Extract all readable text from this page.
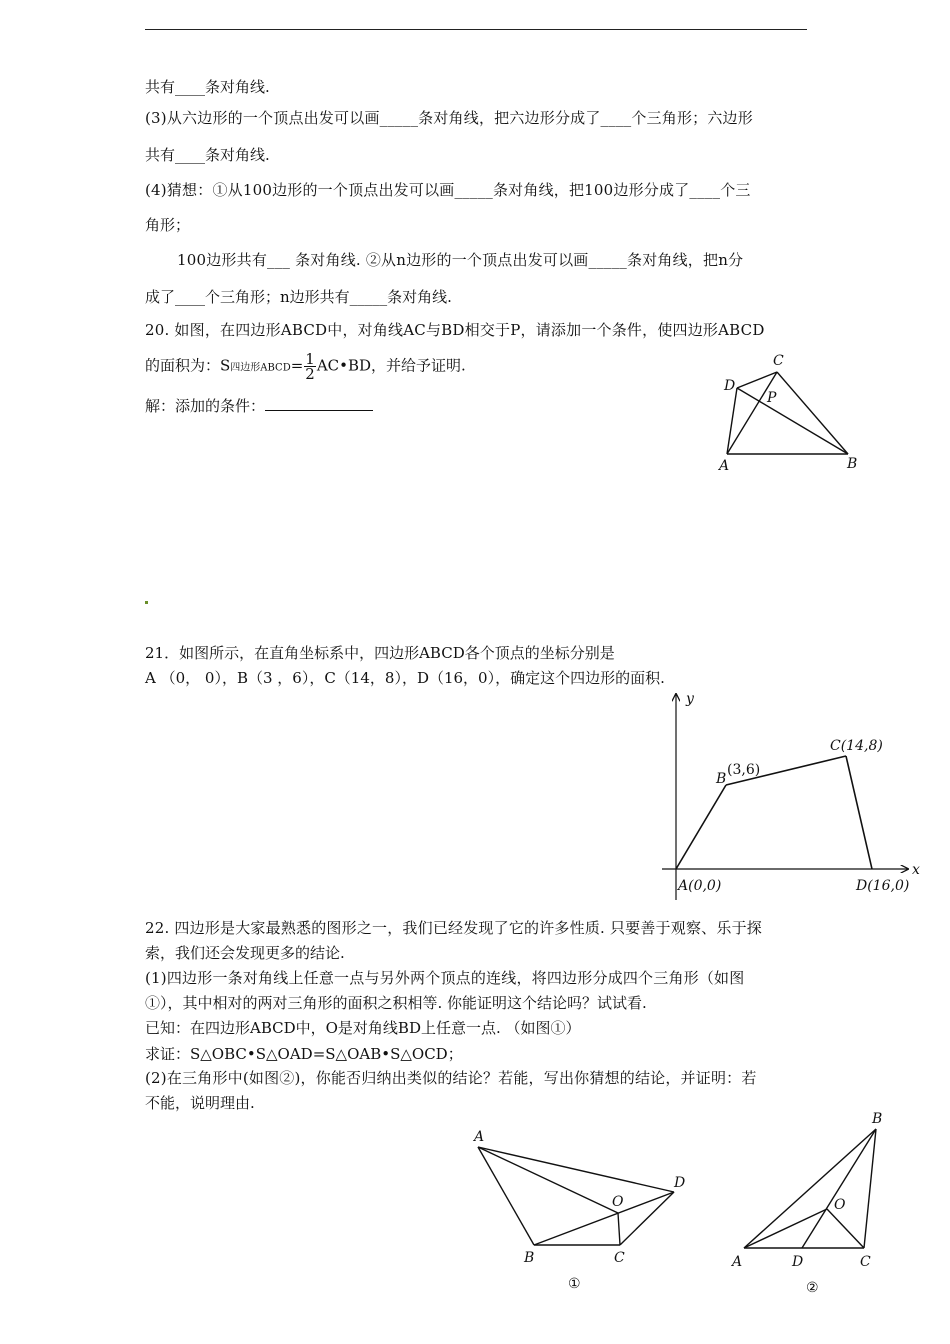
共有____条对角线.
(3)从六边形的一个顶点出发可以画_____条对角线，把六边形分成了____个三角形；六边形
共有____条对角线.
(4)猜想：①从100边形的一个顶点出发可以画_____条对角线，把100边形分成了____个三
角形；
100边形共有___ 条对角线. ②从n边形的一个顶点出发可以画_____条对角线，把n分
成了____个三角形；n边形共有_____条对角线.
20. 如图，在四边形ABCD中，对角线AC与BD相交于P，请添加一个条件，使四边形ABCD
的面积为：S四边形ABCD= $\frac{1}{2}$ AC•BD，并给予证明.
解：添加的条件：
A	B
C
D
P
21．如图所示，在直角坐标系中，四边形ABCD各个顶点的坐标分别是
A （0， 0），B（3 ，6），C（14，8），D（16，0），确定这个四边形的面积.
y
x
A(0,0)
B
(3,6)
C(14,8)
D(16,0)
22. 四边形是大家最熟悉的图形之一，我们已经发现了它的许多性质. 只要善于观察、乐于探
索，我们还会发现更多的结论.
(1)四边形一条对角线上任意一点与另外两个顶点的连线，将四边形分成四个三角形（如图
①），其中相对的两对三角形的面积之积相等. 你能证明这个结论吗？试试看.
已知：在四边形ABCD中，O是对角线BD上任意一点. （如图①）
求证：S△OBC•S△OAD=S△OAB•S△OCD；
(2)在三角形中(如图②)，你能否归纳出类似的结论？若能，写出你猜想的结论，并证明：若
不能，说明理由.
A
B	C
D
O
①
A
B
C
D
O
②
